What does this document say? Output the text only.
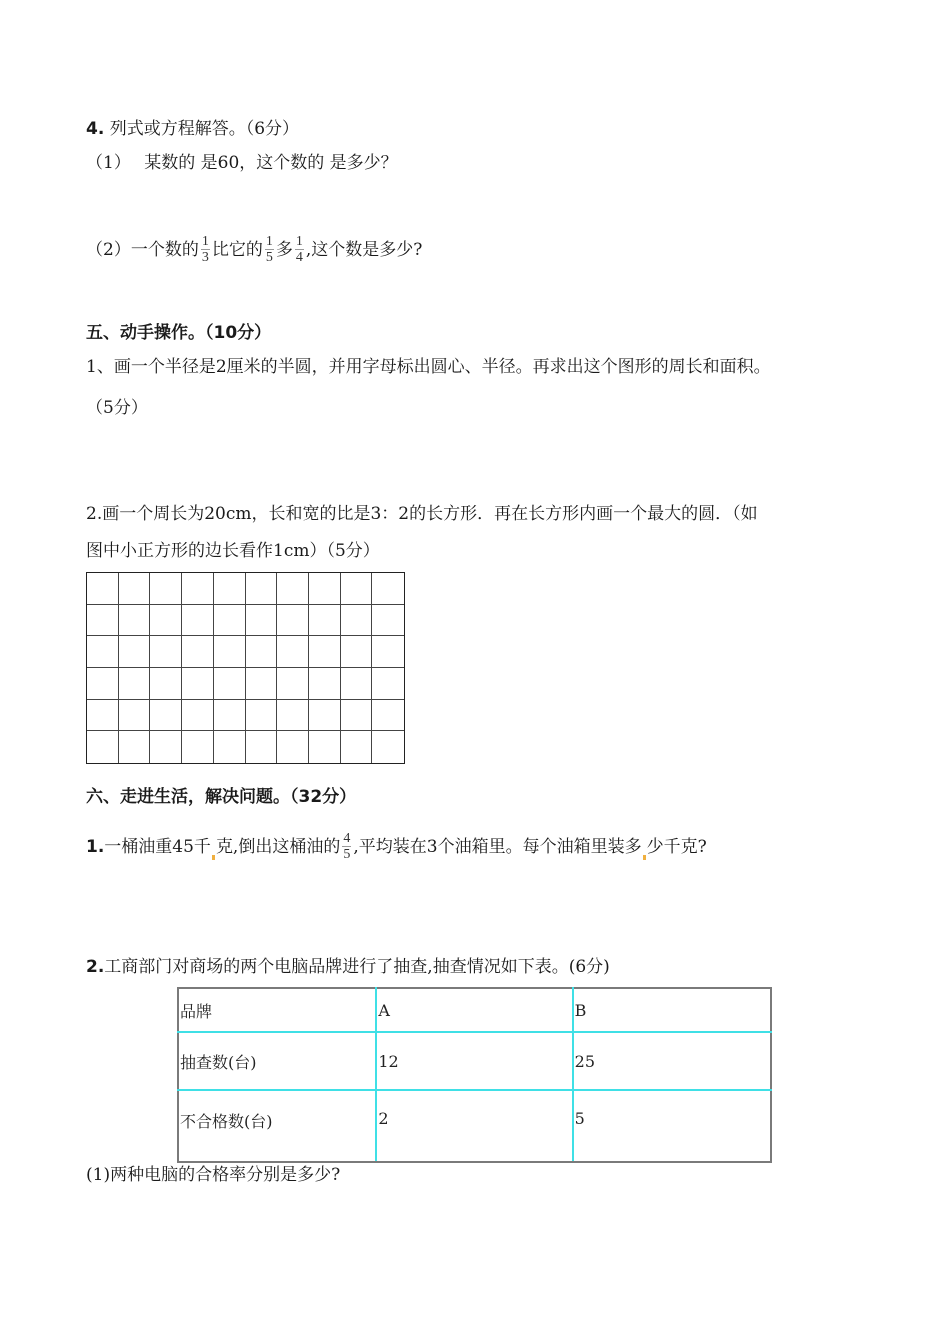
4. 列式或方程解答。（6分）
（1） 某数的 是60，这个数的 是多少？
（2）一个数的 $\frac{1}{3}$ 比它的 $\frac{1}{5}$ 多 $\frac{1}{4}$ ,这个数是多少?
五、动手操作。（10分）
1、画一个半径是2厘米的半圆，并用字母标出圆心、半径。再求出这个图形的周长和面积。
（5分）
2.画一个周长为20cm，长和宽的比是3：2的长方形．再在长方形内画一个最大的圆．（如
图中小正方形的边长看作1cm）（5分）
六、走进生活，解决问题。（32分）
1.一桶油重45千 克,倒出这桶油的 $\frac{4}{5}$ ,平均装在3个油箱里。每个油箱里装多 少千克?
2.工商部门对商场的两个电脑品牌进行了抽查,抽查情况如下表。(6分)
品牌	A	B
抽查数(台)	12	25
不合格数(台)	2	5
(1)两种电脑的合格率分别是多少?
